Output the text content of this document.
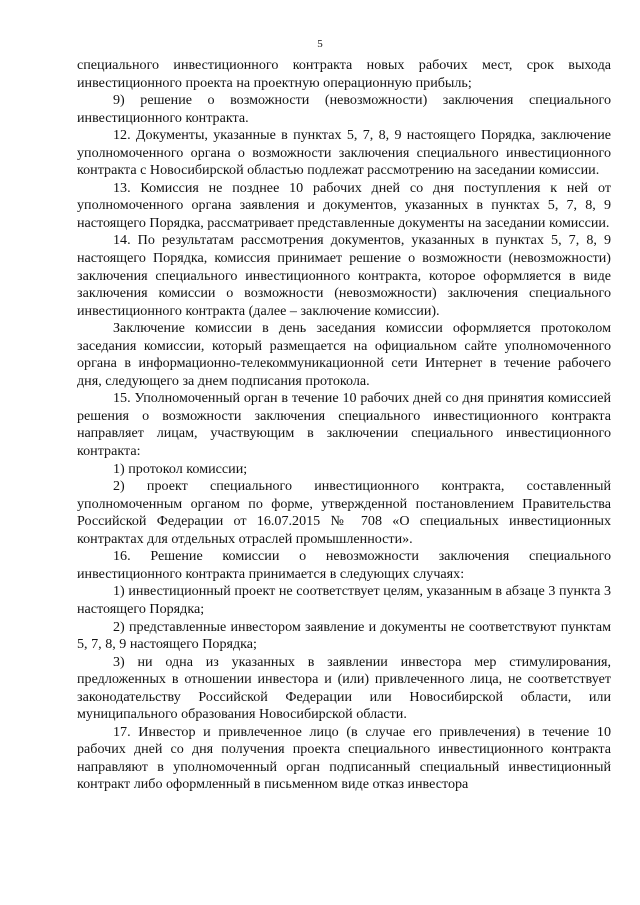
5

специального инвестиционного контракта новых рабочих мест, срок выхода инвестиционного проекта на проектную операционную прибыль;

9) решение о возможности (невозможности) заключения специального инвестиционного контракта.

12. Документы, указанные в пунктах 5, 7, 8, 9 настоящего Порядка, заключение уполномоченного органа о возможности заключения специального инвестиционного контракта с Новосибирской областью подлежат рассмотрению на заседании комиссии.

13. Комиссия не позднее 10 рабочих дней со дня поступления к ней от уполномоченного органа заявления и документов, указанных в пунктах 5, 7, 8, 9 настоящего Порядка, рассматривает представленные документы на заседании комиссии.

14. По результатам рассмотрения документов, указанных в пунктах 5, 7, 8, 9 настоящего Порядка, комиссия принимает решение о возможности (невозможности) заключения специального инвестиционного контракта, которое оформляется в виде заключения комиссии о возможности (невозможности) заключения специального инвестиционного контракта (далее – заключение комиссии).

Заключение комиссии в день заседания комиссии оформляется протоколом заседания комиссии, который размещается на официальном сайте уполномоченного органа в информационно-телекоммуникационной сети Интернет в течение рабочего дня, следующего за днем подписания протокола.

15. Уполномоченный орган в течение 10 рабочих дней со дня принятия комиссией решения о возможности заключения специального инвестиционного контракта направляет лицам, участвующим в заключении специального инвестиционного контракта:

1) протокол комиссии;

2) проект специального инвестиционного контракта, составленный уполномоченным органом по форме, утвержденной постановлением Правительства Российской Федерации от 16.07.2015 № 708 «О специальных инвестиционных контрактах для отдельных отраслей промышленности».

16. Решение комиссии о невозможности заключения специального инвестиционного контракта принимается в следующих случаях:

1) инвестиционный проект не соответствует целям, указанным в абзаце 3 пункта 3 настоящего Порядка;

2) представленные инвестором заявление и документы не соответствуют пунктам 5, 7, 8, 9 настоящего Порядка;

3) ни одна из указанных в заявлении инвестора мер стимулирования, предложенных в отношении инвестора и (или) привлеченного лица, не соответствует законодательству Российской Федерации или Новосибирской области, или муниципального образования Новосибирской области.

17. Инвестор и привлеченное лицо (в случае его привлечения) в течение 10 рабочих дней со дня получения проекта специального инвестиционного контракта направляют в уполномоченный орган подписанный специальный инвестиционный контракт либо оформленный в письменном виде отказ инвестора
